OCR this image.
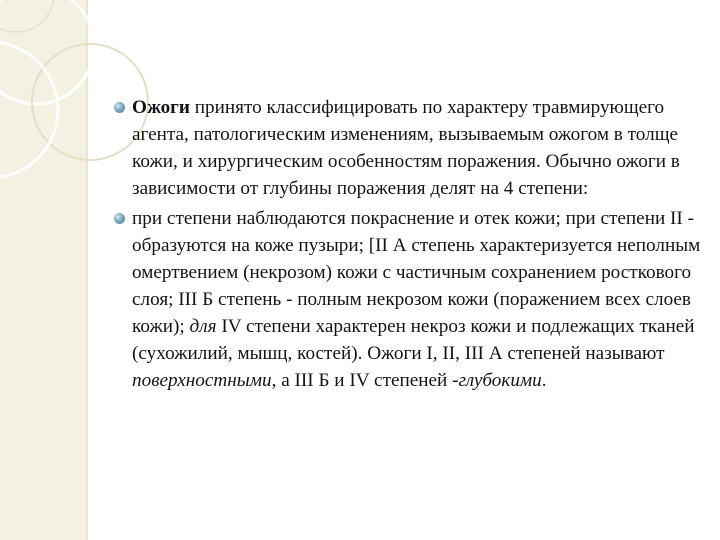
Ожоги принято классифицировать по характеру травмирующего агента, патологическим изменениям, вызываемым ожогом в толще кожи, и хирургическим особенностям поражения. Обычно ожоги в зависимости от глубины поражения делят на 4 степени:

при степени наблюдаются покраснение и отек кожи; при степени II - образуются на коже пузыри; [II А степень характеризуется неполным омертвением (некрозом) кожи с частичным сохранением росткового слоя; III Б степень - полным некрозом кожи (поражением всех слоев кожи); для IV степени характерен некроз кожи и подлежащих тканей (сухожилий, мышц, костей). Ожоги I, II, III А степеней называют поверхностными, а III Б и IV степеней -глубокими.
